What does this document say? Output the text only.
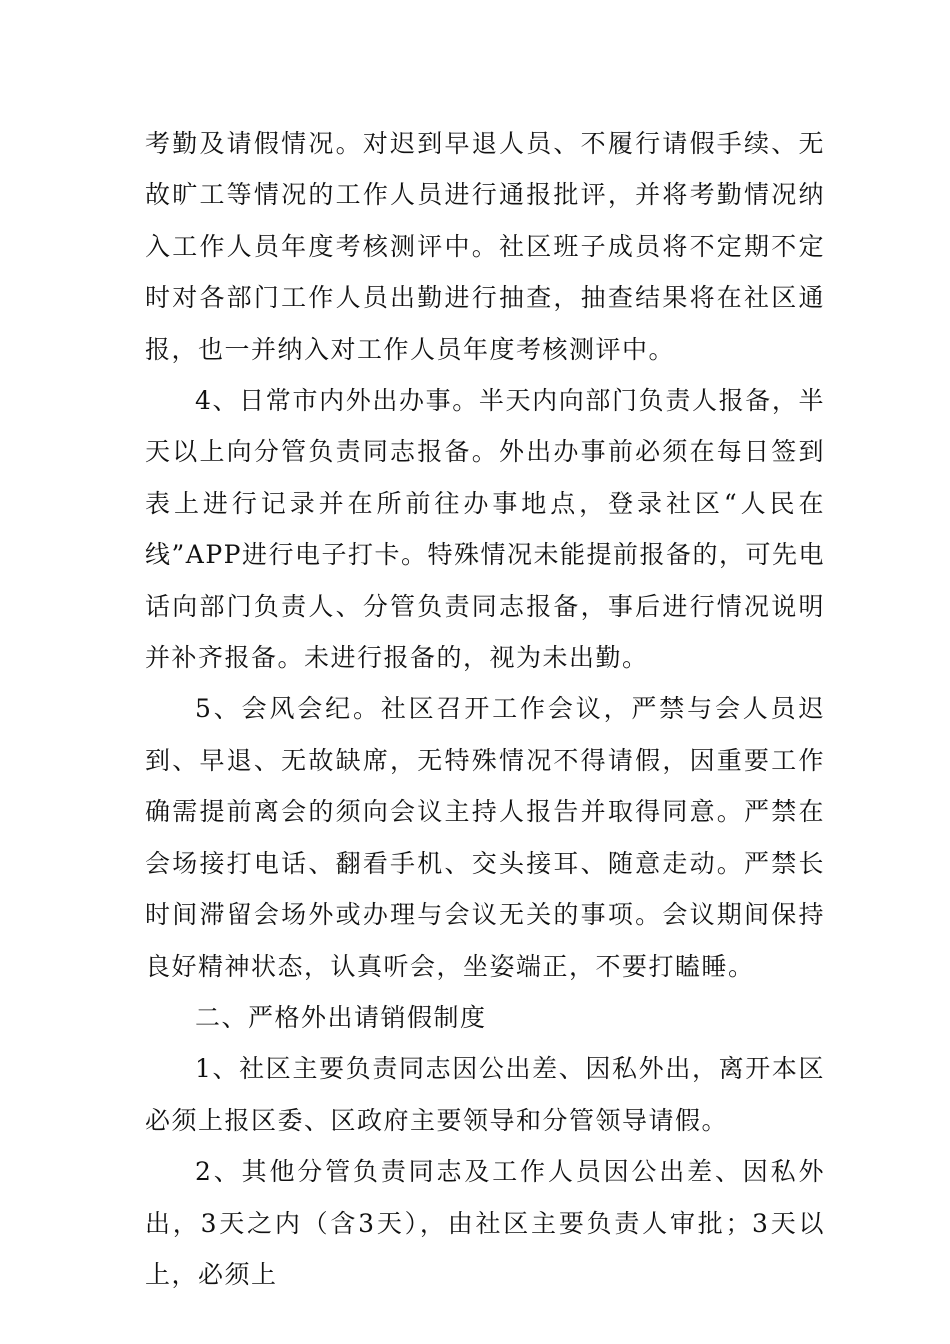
考勤及请假情况。对迟到早退人员、不履行请假手续、无故旷工等情况的工作人员进行通报批评，并将考勤情况纳入工作人员年度考核测评中。社区班子成员将不定期不定时对各部门工作人员出勤进行抽查，抽查结果将在社区通报，也一并纳入对工作人员年度考核测评中。

4、日常市内外出办事。半天内向部门负责人报备，半天以上向分管负责同志报备。外出办事前必须在每日签到表上进行记录并在所前往办事地点，登录社区“人民在线”APP进行电子打卡。特殊情况未能提前报备的，可先电话向部门负责人、分管负责同志报备，事后进行情况说明并补齐报备。未进行报备的，视为未出勤。

5、会风会纪。社区召开工作会议，严禁与会人员迟到、早退、无故缺席，无特殊情况不得请假，因重要工作确需提前离会的须向会议主持人报告并取得同意。严禁在会场接打电话、翻看手机、交头接耳、随意走动。严禁长时间滞留会场外或办理与会议无关的事项。会议期间保持良好精神状态，认真听会，坐姿端正，不要打瞌睡。

二、严格外出请销假制度

1、社区主要负责同志因公出差、因私外出，离开本区必须上报区委、区政府主要领导和分管领导请假。

2、其他分管负责同志及工作人员因公出差、因私外出，3天之内（含3天），由社区主要负责人审批；3天以上，必须上
